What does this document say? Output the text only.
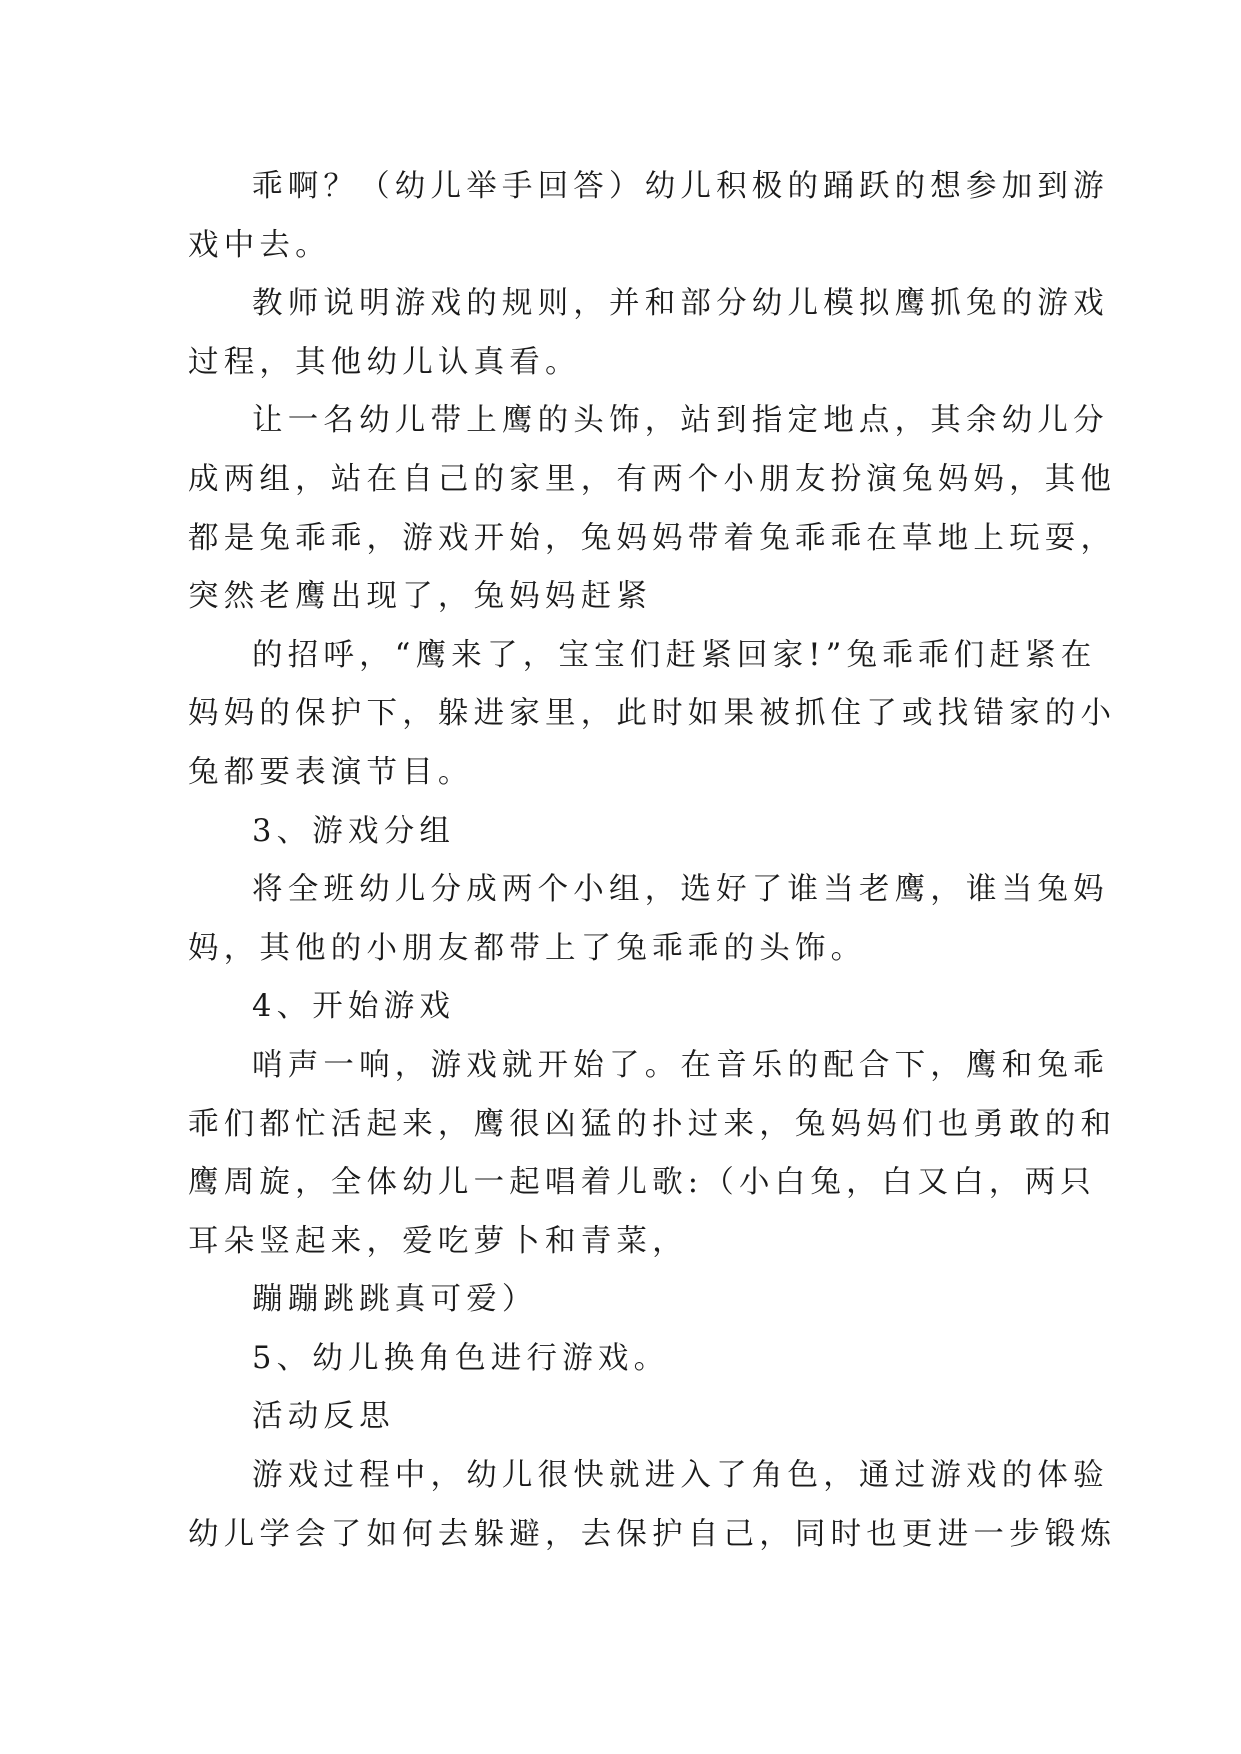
乖啊？（幼儿举手回答）幼儿积极的踊跃的想参加到游
戏中去。
教师说明游戏的规则，并和部分幼儿模拟鹰抓兔的游戏
过程，其他幼儿认真看。
让一名幼儿带上鹰的头饰，站到指定地点，其余幼儿分
成两组，站在自己的家里，有两个小朋友扮演兔妈妈，其他
都是兔乖乖，游戏开始，兔妈妈带着兔乖乖在草地上玩耍，
突然老鹰出现了，兔妈妈赶紧
的招呼，“鹰来了，宝宝们赶紧回家!”兔乖乖们赶紧在
妈妈的保护下，躲进家里，此时如果被抓住了或找错家的小
兔都要表演节目。
3、游戏分组
将全班幼儿分成两个小组，选好了谁当老鹰，谁当兔妈
妈，其他的小朋友都带上了兔乖乖的头饰。
4、开始游戏
哨声一响，游戏就开始了。在音乐的配合下，鹰和兔乖
乖们都忙活起来，鹰很凶猛的扑过来，兔妈妈们也勇敢的和
鹰周旋，全体幼儿一起唱着儿歌:（小白兔，白又白，两只
耳朵竖起来，爱吃萝卜和青菜，
蹦蹦跳跳真可爱）
5、幼儿换角色进行游戏。
活动反思
游戏过程中，幼儿很快就进入了角色，通过游戏的体验
幼儿学会了如何去躲避，去保护自己，同时也更进一步锻炼
